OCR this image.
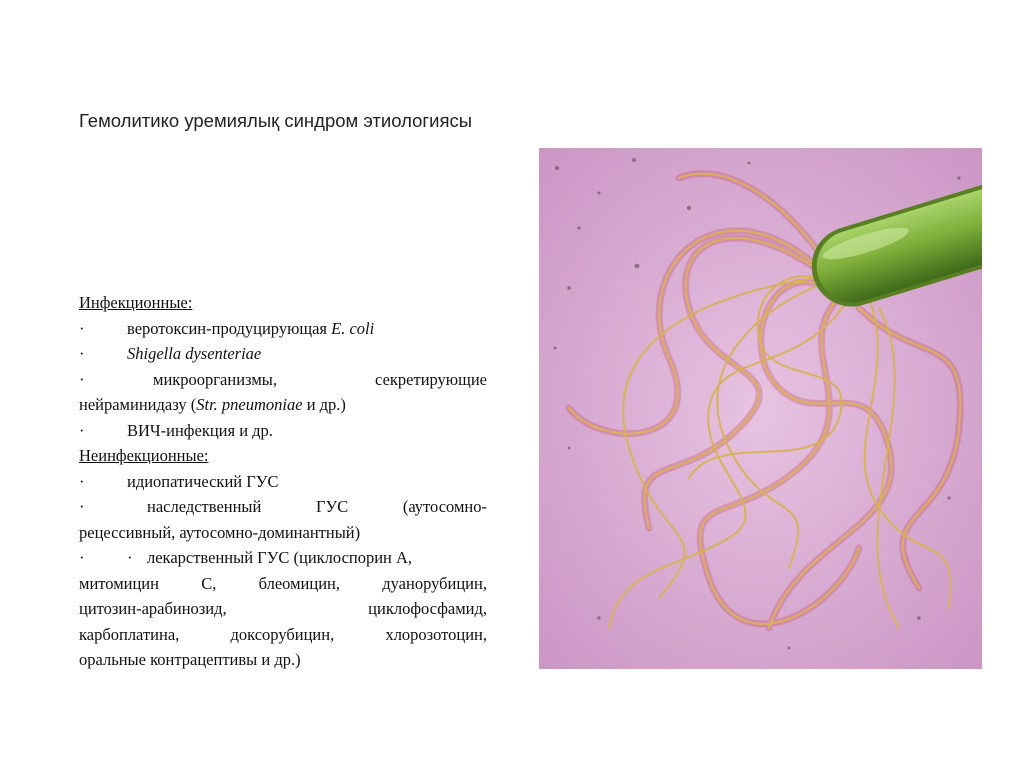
Гемолитико уремиялық синдром этиологиясы
Инфекционные:
·	веротоксин-продуцирующая E. coli
·	Shigella dysenteriae
·	микроорганизмы,	секретирующие
нейраминидазу (Str. pneumoniae и др.)
·	ВИЧ-инфекция и др.
Неинфекционные:
·	идиопатический ГУС
·	наследственный	ГУС	(аутосомно-
рецессивный, аутосомно-доминантный)
·	· лекарственный ГУС (циклоспорин А,
митомицин	С,	блеомицин,	дуанорубицин,
цитозин-арабинозид,	циклофосфамид,
карбоплатина,	доксорубицин,	хлорозотоцин,
оральные контрацептивы и др.)
